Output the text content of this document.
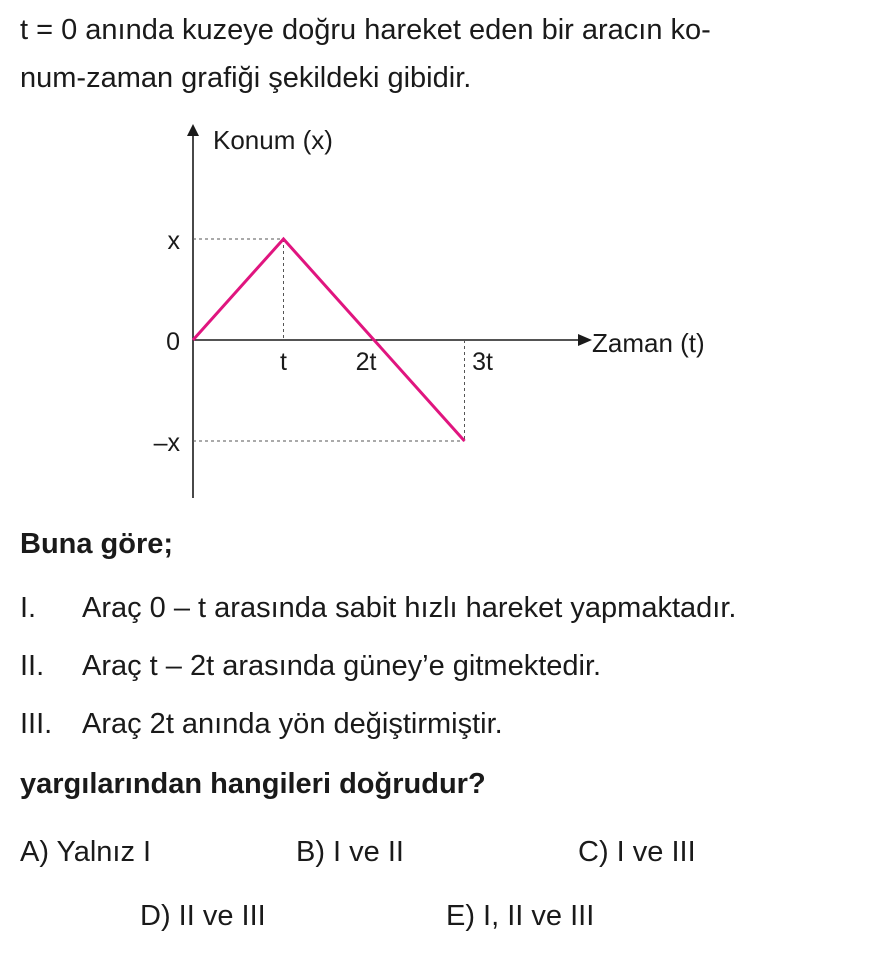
t = 0 anında kuzeye doğru hareket eden bir aracın ko-
num-zaman grafiği şekildeki gibidir.

Konum (x)
Zaman (t)
t	2t	3t
x
0
–x

Buna göre;

I.	Araç 0 – t arasında sabit hızlı hareket yapmaktadır.

II.	Araç t – 2t arasında güney’e gitmektedir.

III.	Araç 2t anında yön değiştirmiştir.

yargılarından hangileri doğrudur?

A) Yalnız I	B) I ve II	C) I ve III

D) II ve III	E) I, II ve III
